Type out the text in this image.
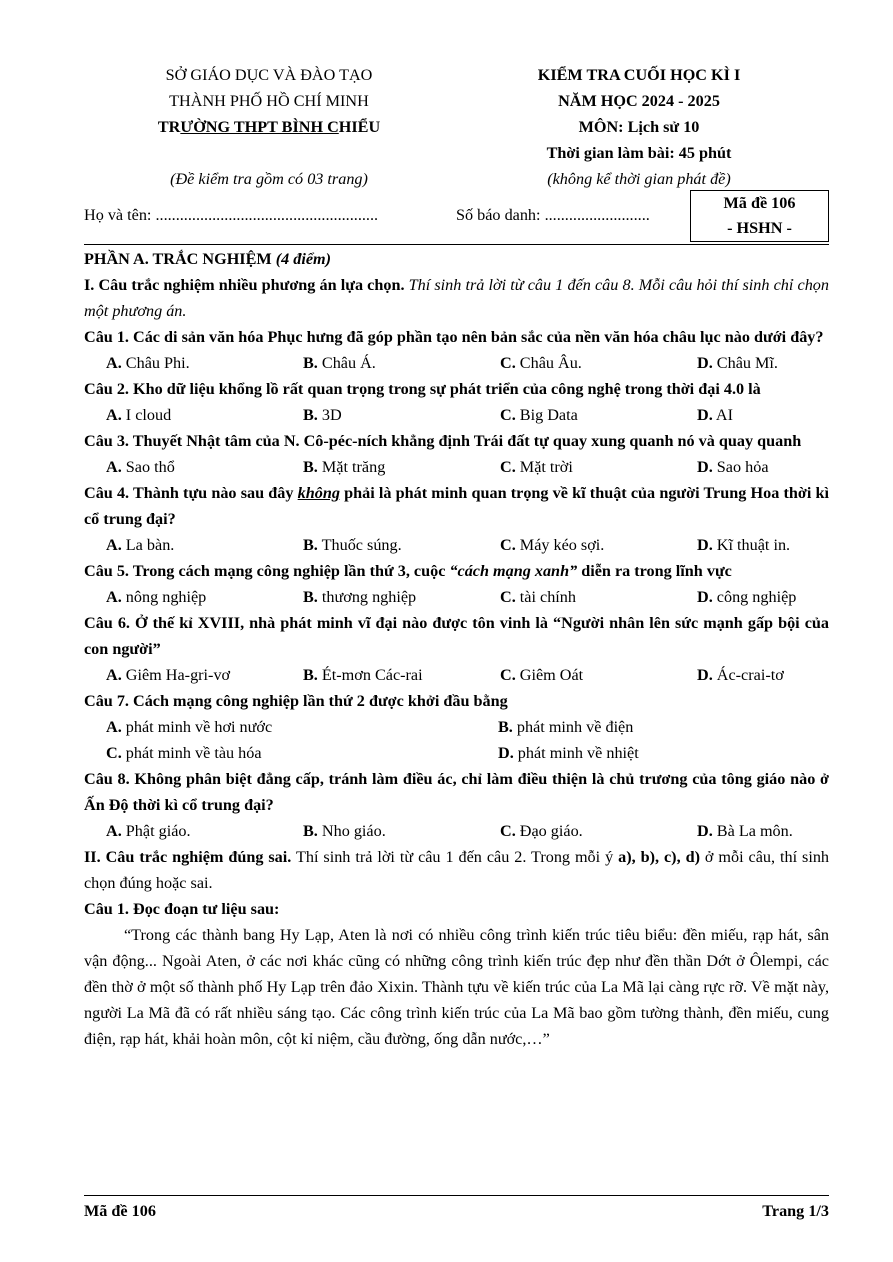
SỞ GIÁO DỤC VÀ ĐÀO TẠO
THÀNH PHỐ HỒ CHÍ MINH
TRƯỜNG THPT BÌNH CHIỂU
(Đề kiểm tra gồm có 03 trang)
KIỂM TRA CUỐI HỌC KÌ I
NĂM HỌC 2024 - 2025
MÔN: Lịch sử 10
Thời gian làm bài: 45 phút
(không kể thời gian phát đề)
Họ và tên: .......................................................	Số báo danh: ..........................
Mã đề 106
- HSHN -

PHẦN A. TRẮC NGHIỆM (4 điểm)

I. Câu trắc nghiệm nhiều phương án lựa chọn. Thí sinh trả lời từ câu 1 đến câu 8. Mỗi câu hỏi thí sinh chỉ chọn một phương án.

Câu 1. Các di sản văn hóa Phục hưng đã góp phần tạo nên bản sắc của nền văn hóa châu lục nào dưới đây?

A. Châu Phi.	B. Châu Á.	C. Châu Âu.	D. Châu Mĩ.

Câu 2. Kho dữ liệu khổng lồ rất quan trọng trong sự phát triển của công nghệ trong thời đại 4.0 là

A. I cloud	B. 3D	C. Big Data	D. AI

Câu 3. Thuyết Nhật tâm của N. Cô-péc-ních khẳng định Trái đất tự quay xung quanh nó và quay quanh

A. Sao thổ	B. Mặt trăng	C. Mặt trời	D. Sao hỏa

Câu 4. Thành tựu nào sau đây không phải là phát minh quan trọng về kĩ thuật của người Trung Hoa thời kì cổ trung đại?

A. La bàn.	B. Thuốc súng.	C. Máy kéo sợi.	D. Kĩ thuật in.

Câu 5. Trong cách mạng công nghiệp lần thứ 3, cuộc “cách mạng xanh” diễn ra trong lĩnh vực

A. nông nghiệp	B. thương nghiệp	C. tài chính	D. công nghiệp

Câu 6. Ở thế kỉ XVIII, nhà phát minh vĩ đại nào được tôn vinh là “Người nhân lên sức mạnh gấp bội của con người”

A. Giêm Ha-gri-vơ	B. Ét-mơn Các-rai	C. Giêm Oát	D. Ác-crai-tơ

Câu 7. Cách mạng công nghiệp lần thứ 2 được khởi đầu bằng

A. phát minh về hơi nước	B. phát minh về điện
C. phát minh về tàu hóa	D. phát minh về nhiệt

Câu 8. Không phân biệt đẳng cấp, tránh làm điều ác, chỉ làm điều thiện là chủ trương của tông giáo nào ở Ấn Độ thời kì cổ trung đại?

A. Phật giáo.	B. Nho giáo.	C. Đạo giáo.	D. Bà La môn.

II. Câu trắc nghiệm đúng sai. Thí sinh trả lời từ câu 1 đến câu 2. Trong mỗi ý a), b), c), d) ở mỗi câu, thí sinh chọn đúng hoặc sai.

Câu 1. Đọc đoạn tư liệu sau:

“Trong các thành bang Hy Lạp, Aten là nơi có nhiều công trình kiến trúc tiêu biểu: đền miếu, rạp hát, sân vận động... Ngoài Aten, ở các nơi khác cũng có những công trình kiến trúc đẹp như đền thần Dớt ở Ôlempi, các đền thờ ở một số thành phố Hy Lạp trên đảo Xixin. Thành tựu về kiến trúc của La Mã lại càng rực rỡ. Về mặt này, người La Mã đã có rất nhiều sáng tạo. Các công trình kiến trúc của La Mã bao gồm tường thành, đền miếu, cung điện, rạp hát, khải hoàn môn, cột kỉ niệm, cầu đường, ống dẫn nước,…”

Mã đề 106	Trang 1/3
